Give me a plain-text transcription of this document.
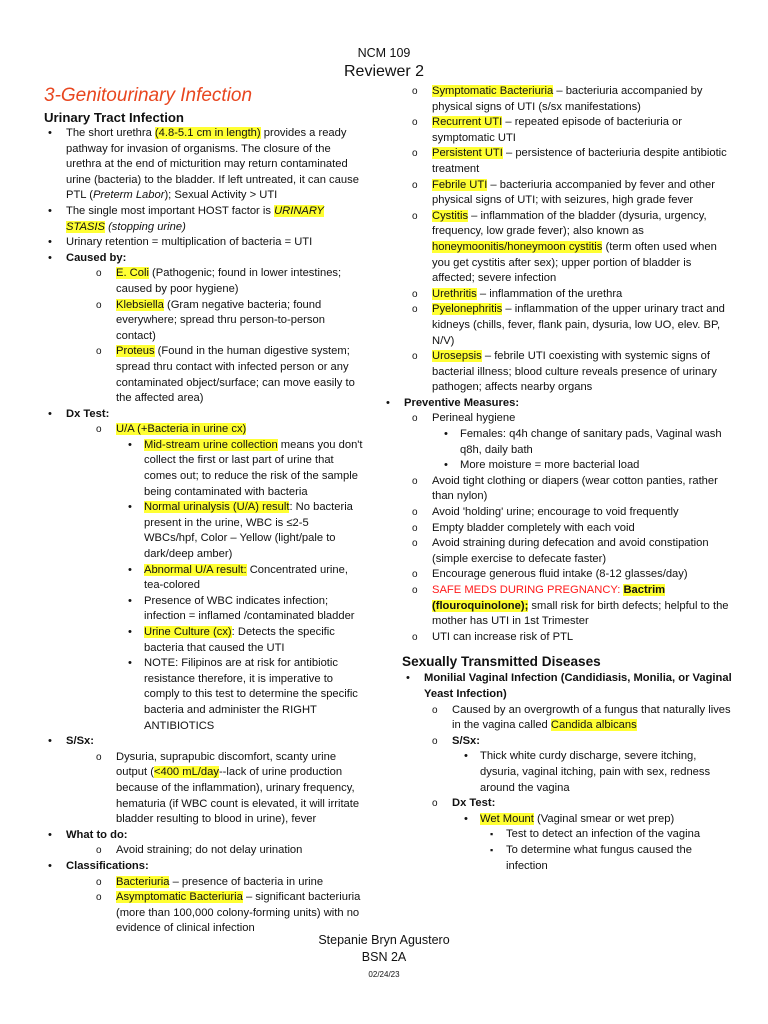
NCM 109
Reviewer 2
3-Genitourinary Infection
Urinary Tract Infection
• The short urethra (4.8-5.1 cm in length) provides a ready pathway for invasion of organisms. The closure of the urethra at the end of micturition may return contaminated urine (bacteria) to the bladder. If left untreated, it can cause PTL (Preterm Labor); Sexual Activity > UTI
• The single most important HOST factor is URINARY STASIS (stopping urine)
• Urinary retention = multiplication of bacteria = UTI
• Caused by:
o E. Coli (Pathogenic; found in lower intestines; caused by poor hygiene)
o Klebsiella (Gram negative bacteria; found everywhere; spread thru person-to-person contact)
o Proteus (Found in the human digestive system; spread thru contact with infected person or any contaminated object/surface; can move easily to the affected area)
• Dx Test:
o U/A (+Bacteria in urine cx)
• Mid-stream urine collection means you don't collect the first or last part of urine that comes out; to reduce the risk of the sample being contaminated with bacteria
• Normal urinalysis (U/A) result: No bacteria present in the urine, WBC is ≤2-5 WBCs/hpf, Color – Yellow (light/pale to dark/deep amber)
• Abnormal U/A result: Concentrated urine, tea-colored
• Presence of WBC indicates infection; infection = inflamed /contaminated bladder
• Urine Culture (cx): Detects the specific bacteria that caused the UTI
• NOTE: Filipinos are at risk for antibiotic resistance therefore, it is imperative to comply to this test to determine the specific bacteria and administer the RIGHT ANTIBIOTICS
• S/Sx:
o Dysuria, suprapubic discomfort, scanty urine output (<400 mL/day--lack of urine production because of the inflammation), urinary frequency, hematuria (if WBC count is elevated, it will irritate bladder resulting to blood in urine), fever
• What to do:
o Avoid straining; do not delay urination
• Classifications:
o Bacteriuria – presence of bacteria in urine
o Asymptomatic Bacteriuria – significant bacteriuria (more than 100,000 colony-forming units) with no evidence of clinical infection
o Symptomatic Bacteriuria – bacteriuria accompanied by physical signs of UTI (s/sx manifestations)
o Recurrent UTI – repeated episode of bacteriuria or symptomatic UTI
o Persistent UTI – persistence of bacteriuria despite antibiotic treatment
o Febrile UTI – bacteriuria accompanied by fever and other physical signs of UTI; with seizures, high grade fever
o Cystitis – inflammation of the bladder (dysuria, urgency, frequency, low grade fever); also known as honeymoonitis/honeymoon cystitis (term often used when you get cystitis after sex); upper portion of bladder is affected; severe infection
o Urethritis – inflammation of the urethra
o Pyelonephritis – inflammation of the upper urinary tract and kidneys (chills, fever, flank pain, dysuria, low UO, elev. BP, N/V)
o Urosepsis – febrile UTI coexisting with systemic signs of bacterial illness; blood culture reveals presence of urinary pathogen; affects nearby organs
• Preventive Measures:
o Perineal hygiene
• Females: q4h change of sanitary pads, Vaginal wash q8h, daily bath
• More moisture = more bacterial load
o Avoid tight clothing or diapers (wear cotton panties, rather than nylon)
o Avoid 'holding' urine; encourage to void frequently
o Empty bladder completely with each void
o Avoid straining during defecation and avoid constipation (simple exercise to defecate faster)
o Encourage generous fluid intake (8-12 glasses/day)
o SAFE MEDS DURING PREGNANCY: Bactrim (flouroquinolone); small risk for birth defects; helpful to the mother has UTI in 1st Trimester
o UTI can increase risk of PTL
Sexually Transmitted Diseases
• Monilial Vaginal Infection (Candidiasis, Monilia, or Vaginal Yeast Infection)
o Caused by an overgrowth of a fungus that naturally lives in the vagina called Candida albicans
o S/Sx:
• Thick white curdy discharge, severe itching, dysuria, vaginal itching, pain with sex, redness around the vagina
o Dx Test:
• Wet Mount (Vaginal smear or wet prep)
▪ Test to detect an infection of the vagina
▪ To determine what fungus caused the infection
Stepanie Bryn Agustero
BSN 2A
02/24/23
